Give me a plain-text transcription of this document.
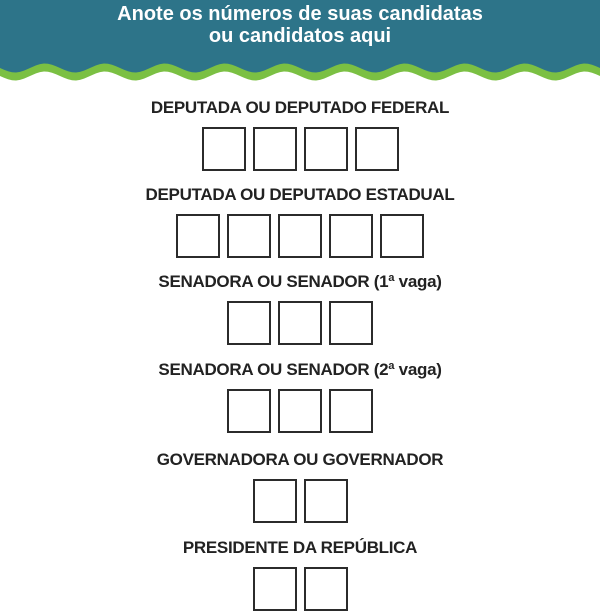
Anote os números de suas candidatas
ou candidatos aqui
DEPUTADA OU DEPUTADO FEDERAL
DEPUTADA OU DEPUTADO ESTADUAL
SENADORA OU SENADOR (1ª vaga)
SENADORA OU SENADOR (2ª vaga)
GOVERNADORA OU GOVERNADOR
PRESIDENTE DA REPÚBLICA
